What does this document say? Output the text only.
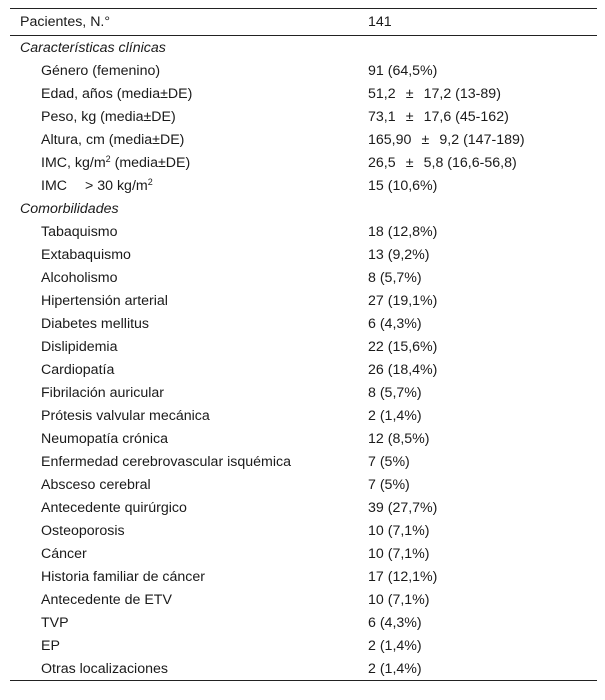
Pacientes, N.°	141
Características clínicas
Género (femenino)	91 (64,5%)
Edad, años (media±DE)	51,2 ± 17,2 (13-89)
Peso, kg (media±DE)	73,1 ± 17,6 (45-162)
Altura, cm (media±DE)	165,90 ± 9,2 (147-189)
IMC, $kg/m^2$ (media±DE)	26,5 ± 5,8 (16,6-56,8)
IMC > 30 $kg/m^2$	15 (10,6%)
Comorbilidades
Tabaquismo	18 (12,8%)
Extabaquismo	13 (9,2%)
Alcoholismo	8 (5,7%)
Hipertensión arterial	27 (19,1%)
Diabetes mellitus	6 (4,3%)
Dislipidemia	22 (15,6%)
Cardiopatía	26 (18,4%)
Fibrilación auricular	8 (5,7%)
Prótesis valvular mecánica	2 (1,4%)
Neumopatía crónica	12 (8,5%)
Enfermedad cerebrovascular isquémica	7 (5%)
Absceso cerebral	7 (5%)
Antecedente quirúrgico	39 (27,7%)
Osteoporosis	10 (7,1%)
Cáncer	10 (7,1%)
Historia familiar de cáncer	17 (12,1%)
Antecedente de ETV	10 (7,1%)
TVP	6 (4,3%)
EP	2 (1,4%)
Otras localizaciones	2 (1,4%)
